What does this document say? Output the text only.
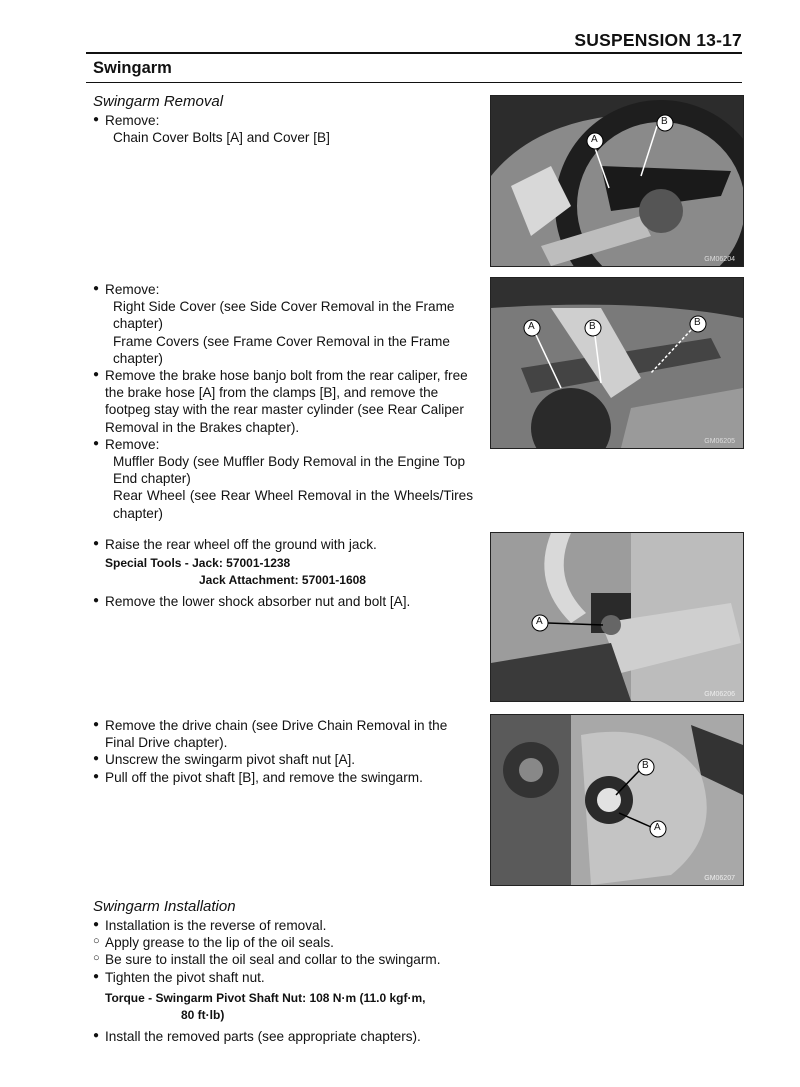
SUSPENSION 13-17
Swingarm
Swingarm Removal
● Remove:
Chain Cover Bolts [A] and Cover [B]
● Remove:
Right Side Cover (see Side Cover Removal in the Frame chapter)
Frame Covers (see Frame Cover Removal in the Frame chapter)
● Remove the brake hose banjo bolt from the rear caliper, free the brake hose [A] from the clamps [B], and remove the footpeg stay with the rear master cylinder (see Rear Caliper Removal in the Brakes chapter).
● Remove:
Muffler Body (see Muffler Body Removal in the Engine Top End chapter)
Rear Wheel (see Rear Wheel Removal in the Wheels/Tires chapter)
● Raise the rear wheel off the ground with jack.
Special Tools - Jack: 57001-1238
Jack Attachment: 57001-1608
● Remove the lower shock absorber nut and bolt [A].
● Remove the drive chain (see Drive Chain Removal in the Final Drive chapter).
● Unscrew the swingarm pivot shaft nut [A].
● Pull off the pivot shaft [B], and remove the swingarm.
Swingarm Installation
● Installation is the reverse of removal.
○ Apply grease to the lip of the oil seals.
○ Be sure to install the oil seal and collar to the swingarm.
● Tighten the pivot shaft nut.
Torque - Swingarm Pivot Shaft Nut: 108 N·m (11.0 kgf·m,
80 ft·lb)
● Install the removed parts (see appropriate chapters).
A
B
GM06204
A	B	B
GM06205
A
GM06206
B
A
GM06207
